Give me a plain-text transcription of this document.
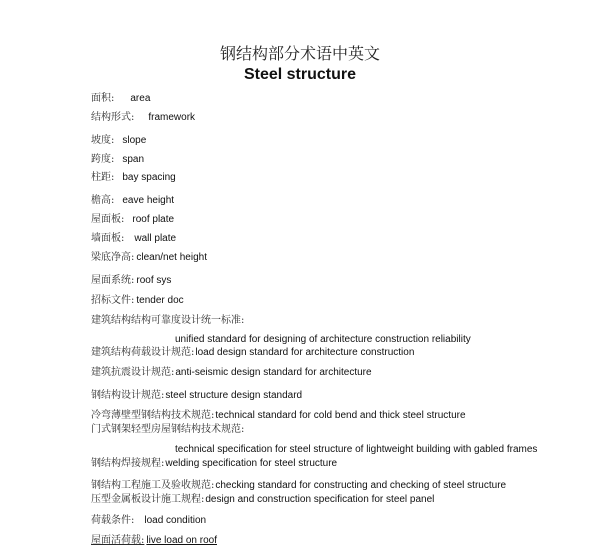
钢结构部分术语中英文
Steel structure
面积: area
结构形式: framework
坡度: slope
跨度: span
柱距: bay spacing
檐高: eave height
屋面板: roof plate
墙面板: wall plate
梁底净高: clean/net height
屋面系统: roof sys
招标文件: tender doc
建筑结构结构可靠度设计统一标准:
unified standard for designing of architecture construction reliability
建筑结构荷载设计规范:load design standard for architecture construction
建筑抗震设计规范:anti-seismic design standard for architecture
钢结构设计规范:steel structure design standard
冷弯薄壁型钢结构技术规范:technical standard for cold bend and thick steel structure
门式钢架轻型房屋钢结构技术规范:
technical specification for steel structure of lightweight building with gabled frames
钢结构焊接规程:welding specification for steel structure
钢结构工程施工及验收规范:checking standard for constructing and checking of steel structure
压型金属板设计施工规程:design and construction specification for steel panel
荷载条件: load condition
屋面活荷载: live load on roof
